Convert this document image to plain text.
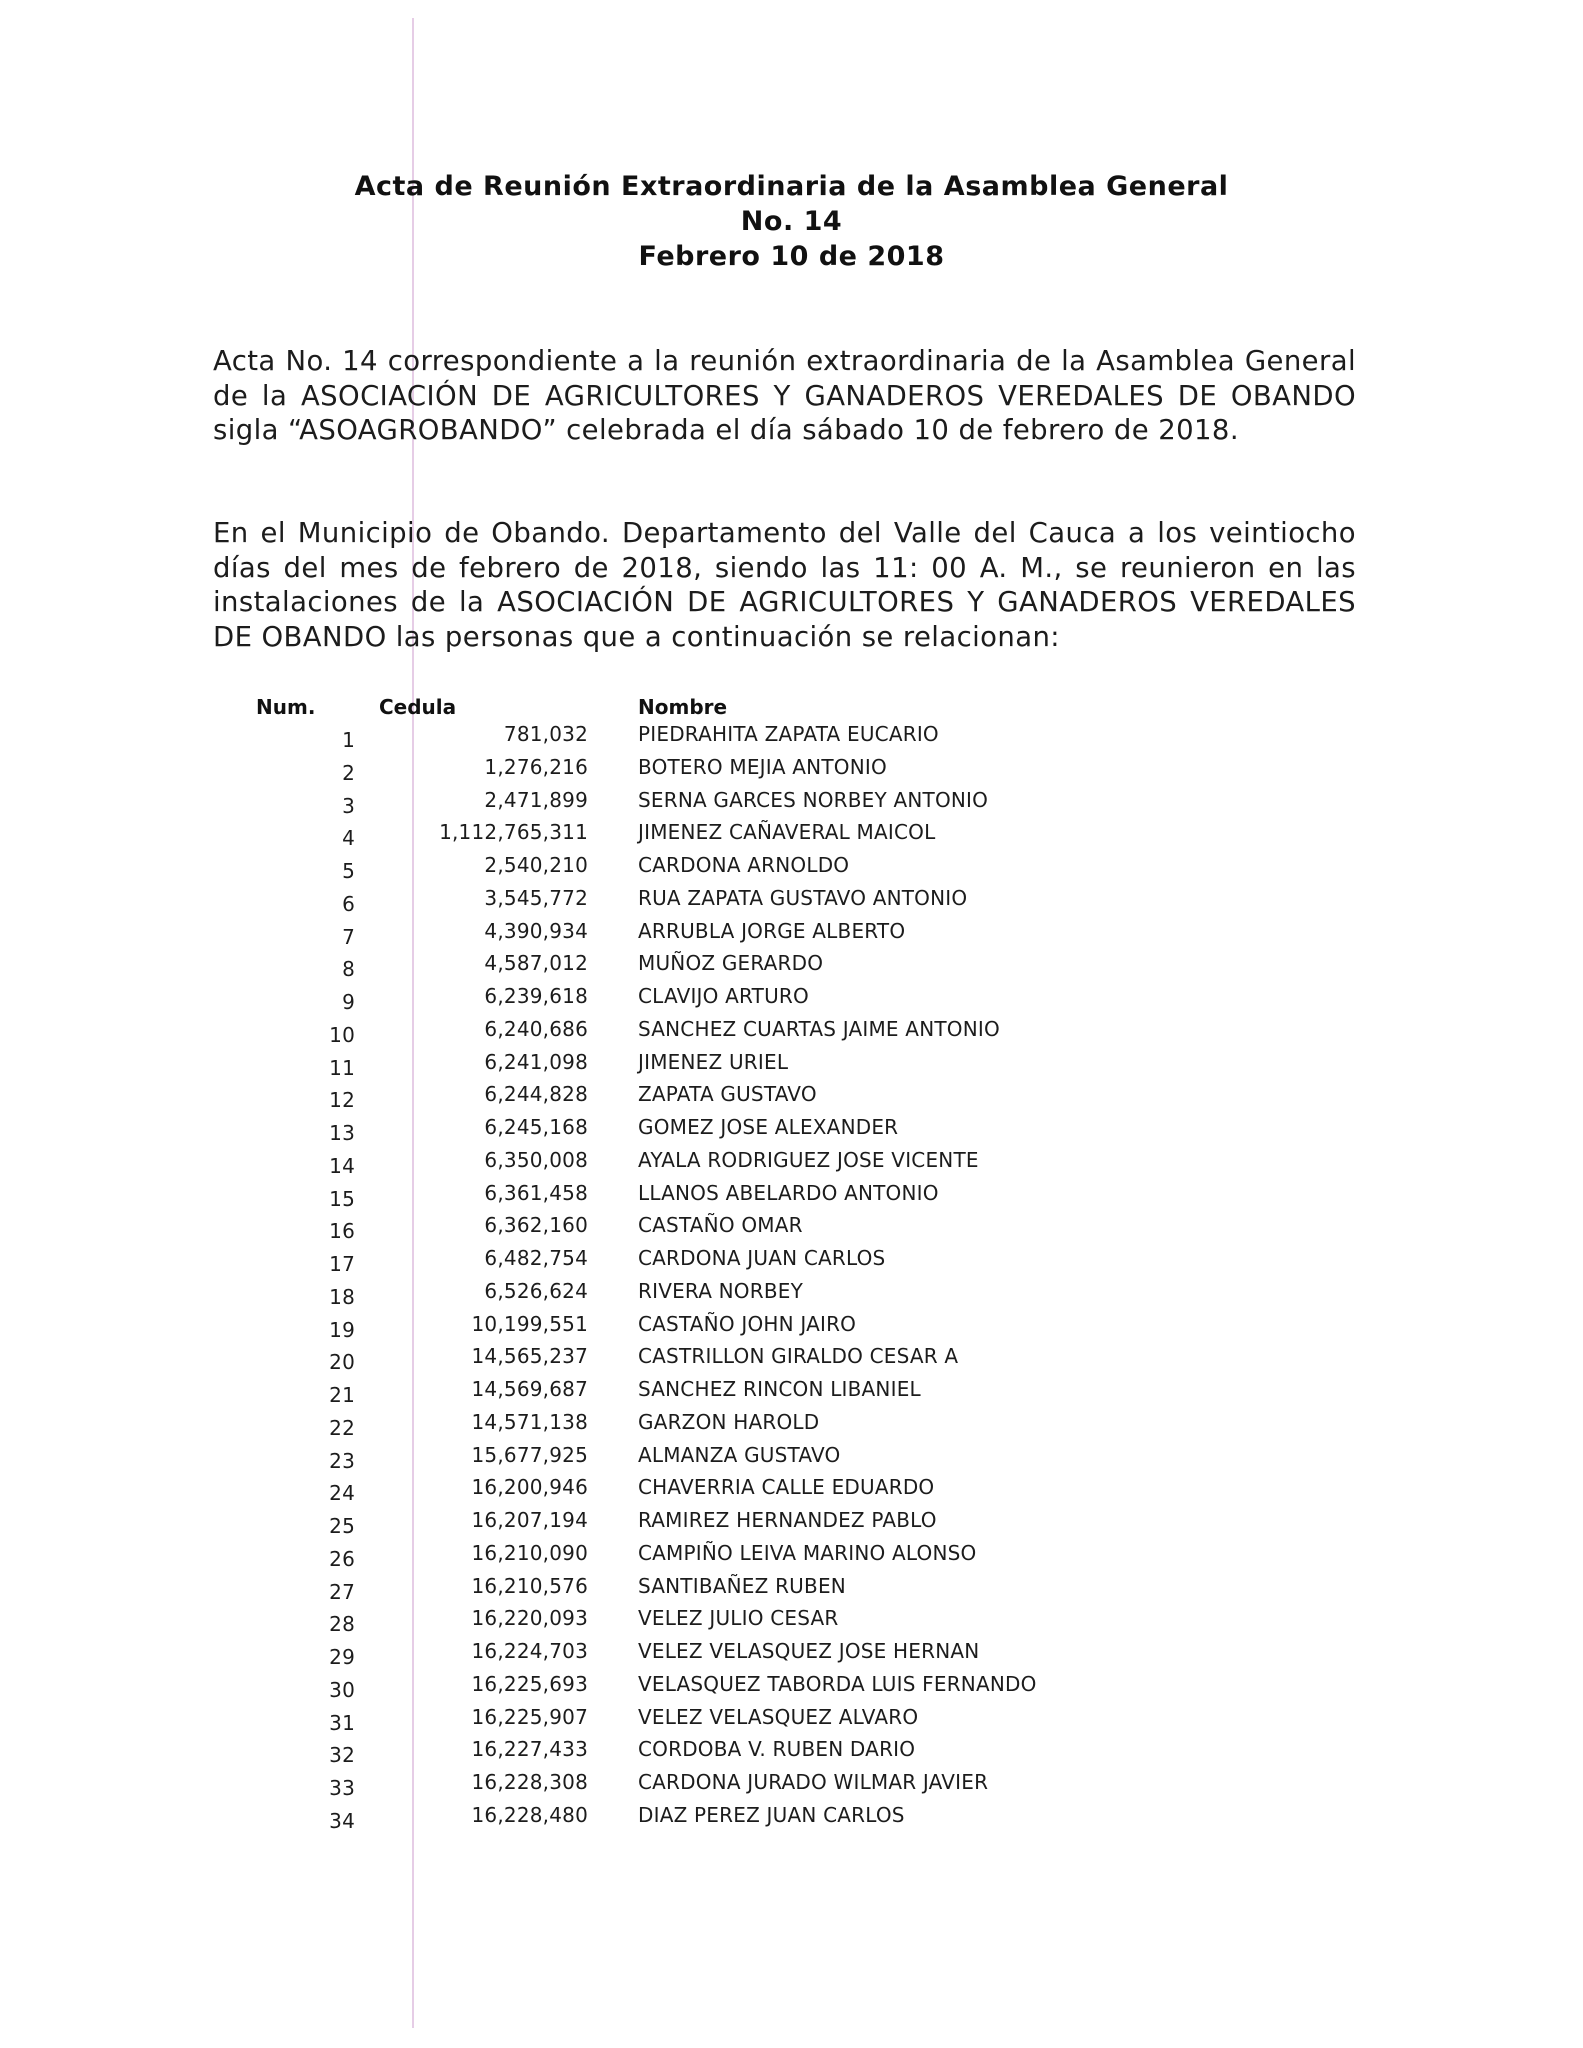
Acta de Reunión Extraordinaria de la Asamblea General
No. 14
Febrero 10 de 2018
Acta No. 14 correspondiente a la reunión extraordinaria de la Asamblea General de la ASOCIACIÓN DE AGRICULTORES Y GANADEROS VEREDALES DE OBANDO sigla “ASOAGROBANDO” celebrada el día sábado 10 de febrero de 2018.
En el Municipio de Obando. Departamento del Valle del Cauca a los veintiocho días del mes de febrero de 2018, siendo las 11: 00 A. M., se reunieron en las instalaciones de la ASOCIACIÓN DE AGRICULTORES Y GANADEROS VEREDALES DE OBANDO las personas que a continuación se relacionan:
Num.	Cedula	Nombre
1	781,032	PIEDRAHITA ZAPATA EUCARIO
2	1,276,216	BOTERO MEJIA ANTONIO
3	2,471,899	SERNA GARCES NORBEY ANTONIO
4	1,112,765,311	JIMENEZ CAÑAVERAL MAICOL
5	2,540,210	CARDONA ARNOLDO
6	3,545,772	RUA ZAPATA GUSTAVO ANTONIO
7	4,390,934	ARRUBLA JORGE ALBERTO
8	4,587,012	MUÑOZ GERARDO
9	6,239,618	CLAVIJO ARTURO
10	6,240,686	SANCHEZ CUARTAS JAIME ANTONIO
11	6,241,098	JIMENEZ URIEL
12	6,244,828	ZAPATA GUSTAVO
13	6,245,168	GOMEZ JOSE ALEXANDER
14	6,350,008	AYALA RODRIGUEZ JOSE VICENTE
15	6,361,458	LLANOS ABELARDO ANTONIO
16	6,362,160	CASTAÑO OMAR
17	6,482,754	CARDONA JUAN CARLOS
18	6,526,624	RIVERA NORBEY
19	10,199,551	CASTAÑO JOHN JAIRO
20	14,565,237	CASTRILLON GIRALDO CESAR A
21	14,569,687	SANCHEZ RINCON LIBANIEL
22	14,571,138	GARZON HAROLD
23	15,677,925	ALMANZA GUSTAVO
24	16,200,946	CHAVERRIA CALLE EDUARDO
25	16,207,194	RAMIREZ HERNANDEZ PABLO
26	16,210,090	CAMPIÑO LEIVA MARINO ALONSO
27	16,210,576	SANTIBAÑEZ RUBEN
28	16,220,093	VELEZ JULIO CESAR
29	16,224,703	VELEZ VELASQUEZ JOSE HERNAN
30	16,225,693	VELASQUEZ TABORDA LUIS FERNANDO
31	16,225,907	VELEZ VELASQUEZ ALVARO
32	16,227,433	CORDOBA V. RUBEN DARIO
33	16,228,308	CARDONA JURADO WILMAR JAVIER
34	16,228,480	DIAZ PEREZ JUAN CARLOS
